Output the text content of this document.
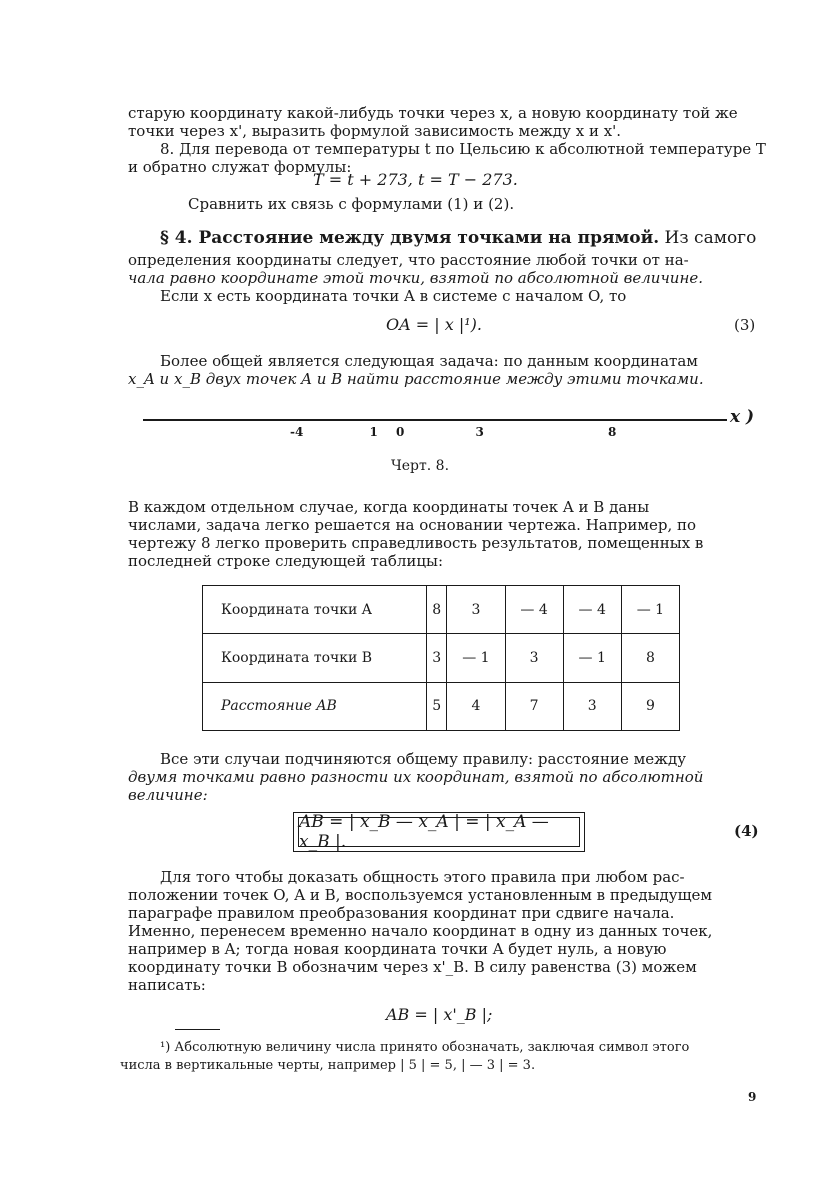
старую координату какой-либудь точки через x, а новую координату той же
точки через x', выразить формулой зависимость между x и x'.
8. Для перевода от температуры t по Цельсию к абсолютной температуре T
и обратно служат формулы:
T = t + 273, t = T − 273.
Сравнить их связь с формулами (1) и (2).
§ 4. Расстояние между двумя точками на прямой. Из самого
определения координаты следует, что расстояние любой точки от на-
чала равно координате этой точки, взятой по абсолютной величине.
Если x есть координата точки A в системе с началом O, то
OA = | x |¹).	(3)
Более общей является следующая задача: по данным координатам
x_A и x_B двух точек A и B найти расстояние между этими точками.
x )
-4	1 0	3	8
Черт. 8.
В каждом отдельном случае, когда координаты точек A и B даны
числами, задача легко решается на основании чертежа. Например, по
чертежу 8 легко проверить справедливость результатов, помещенных в
последней строке следующей таблицы:
Координата точки A	8	3	— 4	— 4	— 1
Координата точки B	3	— 1	3	— 1	8
Расстояние AB	5	4	7	3	9
Все эти случаи подчиняются общему правилу: расстояние между
двумя точками равно разности их координат, взятой по абсолютной
величине:
AB = | x_B — x_A | = | x_A — x_B |.
(4)
Для того чтобы доказать общность этого правила при любом рас-
положении точек O, A и B, воспользуемся установленным в предыдущем
параграфе правилом преобразования координат при сдвиге начала.
Именно, перенесем временно начало координат в одну из данных точек,
например в A; тогда новая координата точки A будет нуль, а новую
координату точки B обозначим через x'_B. В силу равенства (3) можем
написать:
AB = | x'_B |;
¹) Абсолютную величину числа принято обозначать, заключая символ этого
числа в вертикальные черты, например | 5 | = 5, | — 3 | = 3.
9
